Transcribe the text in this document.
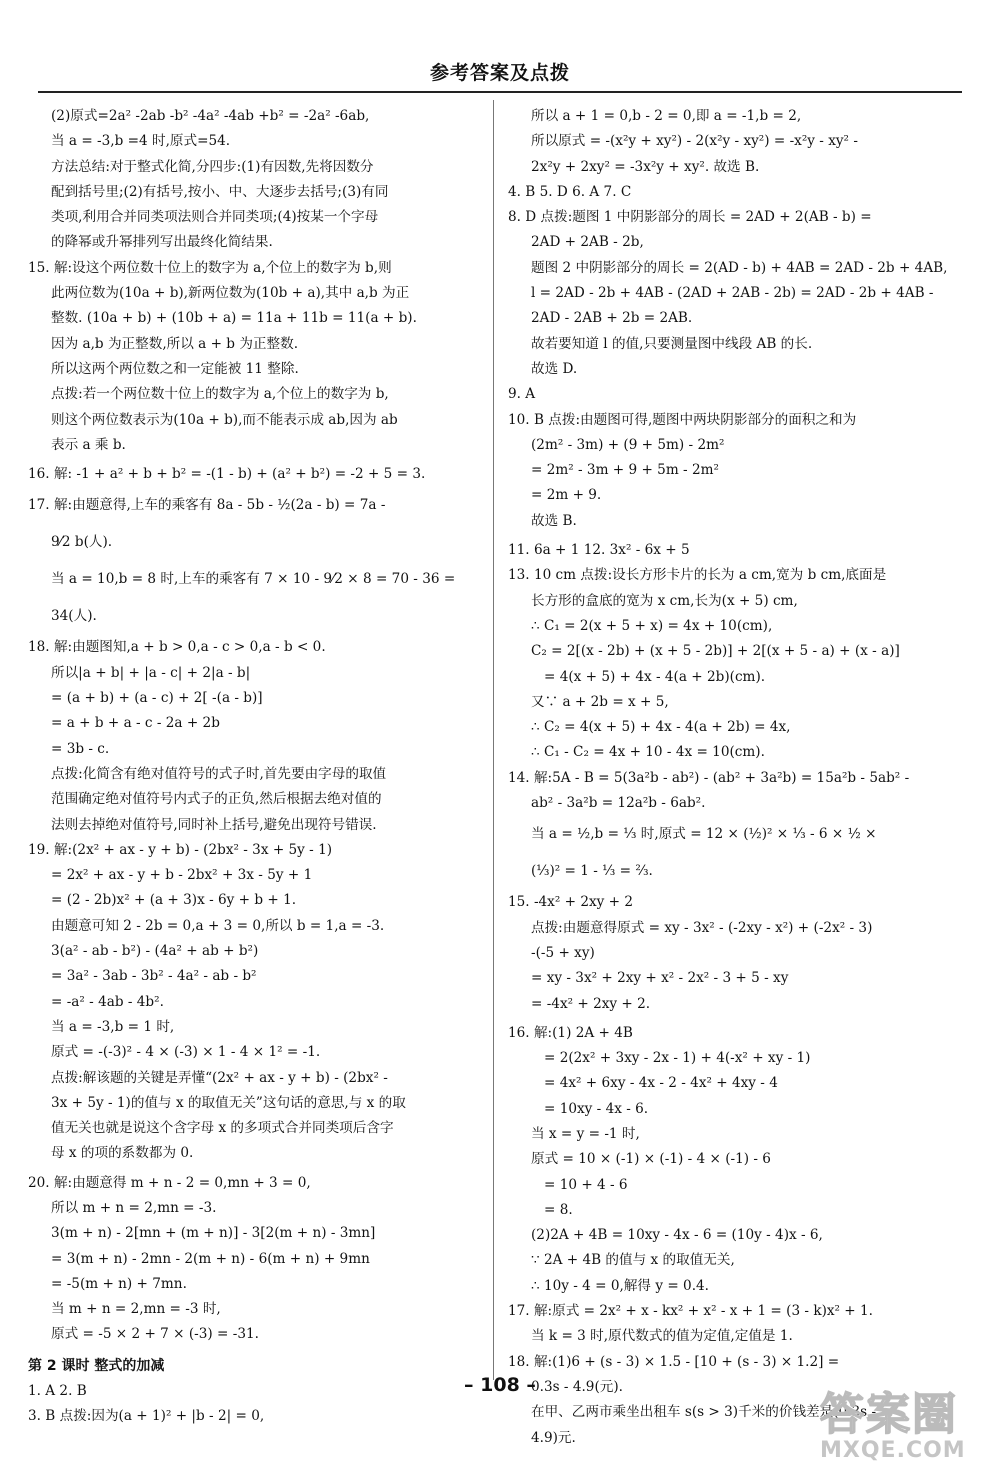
参考答案及点拨
(2)原式=2a² -2ab -b² -4a² -4ab +b² = -2a² -6ab,
当 a = -3,b =4 时,原式=54.
方法总结:对于整式化简,分四步:(1)有因数,先将因数分
配到括号里;(2)有括号,按小、中、大逐步去括号;(3)有同
类项,利用合并同类项法则合并同类项;(4)按某一个字母
的降幂或升幂排列写出最终化简结果.
15. 解:设这个两位数十位上的数字为 a,个位上的数字为 b,则
此两位数为(10a + b),新两位数为(10b + a),其中 a,b 为正
整数. (10a + b) + (10b + a) = 11a + 11b = 11(a + b).
因为 a,b 为正整数,所以 a + b 为正整数.
所以这两个两位数之和一定能被 11 整除.
点拨:若一个两位数十位上的数字为 a,个位上的数字为 b,
则这个两位数表示为(10a + b),而不能表示成 ab,因为 ab
表示 a 乘 b.
16. 解: -1 + a² + b + b² = -(1 - b) + (a² + b²) = -2 + 5 = 3.
17. 解:由题意得,上车的乘客有 8a - 5b - ½(2a - b) = 7a -
9⁄2 b(人).
当 a = 10,b = 8 时,上车的乘客有 7 × 10 - 9⁄2 × 8 = 70 - 36 =
34(人).
18. 解:由题图知,a + b > 0,a - c > 0,a - b < 0.
所以|a + b| + |a - c| + 2|a - b|
= (a + b) + (a - c) + 2[ -(a - b)]
= a + b + a - c - 2a + 2b
= 3b - c.
点拨:化简含有绝对值符号的式子时,首先要由字母的取值
范围确定绝对值符号内式子的正负,然后根据去绝对值的
法则去掉绝对值符号,同时补上括号,避免出现符号错误.
19. 解:(2x² + ax - y + b) - (2bx² - 3x + 5y - 1)
= 2x² + ax - y + b - 2bx² + 3x - 5y + 1
= (2 - 2b)x² + (a + 3)x - 6y + b + 1.
由题意可知 2 - 2b = 0,a + 3 = 0,所以 b = 1,a = -3.
3(a² - ab - b²) - (4a² + ab + b²)
= 3a² - 3ab - 3b² - 4a² - ab - b²
= -a² - 4ab - 4b².
当 a = -3,b = 1 时,
原式 = -(-3)² - 4 × (-3) × 1 - 4 × 1² = -1.
点拨:解该题的关键是弄懂“(2x² + ax - y + b) - (2bx² -
3x + 5y - 1)的值与 x 的取值无关”这句话的意思,与 x 的取
值无关也就是说这个含字母 x 的多项式合并同类项后含字
母 x 的项的系数都为 0.
20. 解:由题意得 m + n - 2 = 0,mn + 3 = 0,
所以 m + n = 2,mn = -3.
3(m + n) - 2[mn + (m + n)] - 3[2(m + n) - 3mn]
= 3(m + n) - 2mn - 2(m + n) - 6(m + n) + 9mn
= -5(m + n) + 7mn.
当 m + n = 2,mn = -3 时,
原式 = -5 × 2 + 7 × (-3) = -31.
第 2 课时 整式的加减
1. A 2. B
3. B 点拨:因为(a + 1)² + |b - 2| = 0,
所以 a + 1 = 0,b - 2 = 0,即 a = -1,b = 2,
所以原式 = -(x²y + xy²) - 2(x²y - xy²) = -x²y - xy² -
2x²y + 2xy² = -3x²y + xy². 故选 B.
4. B 5. D 6. A 7. C
8. D 点拨:题图 1 中阴影部分的周长 = 2AD + 2(AB - b) =
2AD + 2AB - 2b,
题图 2 中阴影部分的周长 = 2(AD - b) + 4AB = 2AD - 2b + 4AB,
l = 2AD - 2b + 4AB - (2AD + 2AB - 2b) = 2AD - 2b + 4AB -
2AD - 2AB + 2b = 2AB.
故若要知道 l 的值,只要测量图中线段 AB 的长.
故选 D.
9. A
10. B 点拨:由题图可得,题图中两块阴影部分的面积之和为
(2m² - 3m) + (9 + 5m) - 2m²
= 2m² - 3m + 9 + 5m - 2m²
= 2m + 9.
故选 B.
11. 6a + 1 12. 3x² - 6x + 5
13. 10 cm 点拨:设长方形卡片的长为 a cm,宽为 b cm,底面是
长方形的盒底的宽为 x cm,长为(x + 5) cm,
∴ C₁ = 2(x + 5 + x) = 4x + 10(cm),
C₂ = 2[(x - 2b) + (x + 5 - 2b)] + 2[(x + 5 - a) + (x - a)]
= 4(x + 5) + 4x - 4(a + 2b)(cm).
又∵ a + 2b = x + 5,
∴ C₂ = 4(x + 5) + 4x - 4(a + 2b) = 4x,
∴ C₁ - C₂ = 4x + 10 - 4x = 10(cm).
14. 解:5A - B = 5(3a²b - ab²) - (ab² + 3a²b) = 15a²b - 5ab² -
ab² - 3a²b = 12a²b - 6ab².
当 a = ½,b = ⅓ 时,原式 = 12 × (½)² × ⅓ - 6 × ½ ×
(⅓)² = 1 - ⅓ = ⅔.
15. -4x² + 2xy + 2
点拨:由题意得原式 = xy - 3x² - (-2xy - x²) + (-2x² - 3)
-(-5 + xy)
= xy - 3x² + 2xy + x² - 2x² - 3 + 5 - xy
= -4x² + 2xy + 2.
16. 解:(1) 2A + 4B
= 2(2x² + 3xy - 2x - 1) + 4(-x² + xy - 1)
= 4x² + 6xy - 4x - 2 - 4x² + 4xy - 4
= 10xy - 4x - 6.
当 x = y = -1 时,
原式 = 10 × (-1) × (-1) - 4 × (-1) - 6
= 10 + 4 - 6
= 8.
(2)2A + 4B = 10xy - 4x - 6 = (10y - 4)x - 6,
∵ 2A + 4B 的值与 x 的取值无关,
∴ 10y - 4 = 0,解得 y = 0.4.
17. 解:原式 = 2x² + x - kx² + x² - x + 1 = (3 - k)x² + 1.
当 k = 3 时,原代数式的值为定值,定值是 1.
18. 解:(1)6 + (s - 3) × 1.5 - [10 + (s - 3) × 1.2] =
0.3s - 4.9(元).
在甲、乙两市乘坐出租车 s(s > 3)千米的价钱差是(0.3s -
4.9)元.
– 108 –
答案圈
MXQE.COM
